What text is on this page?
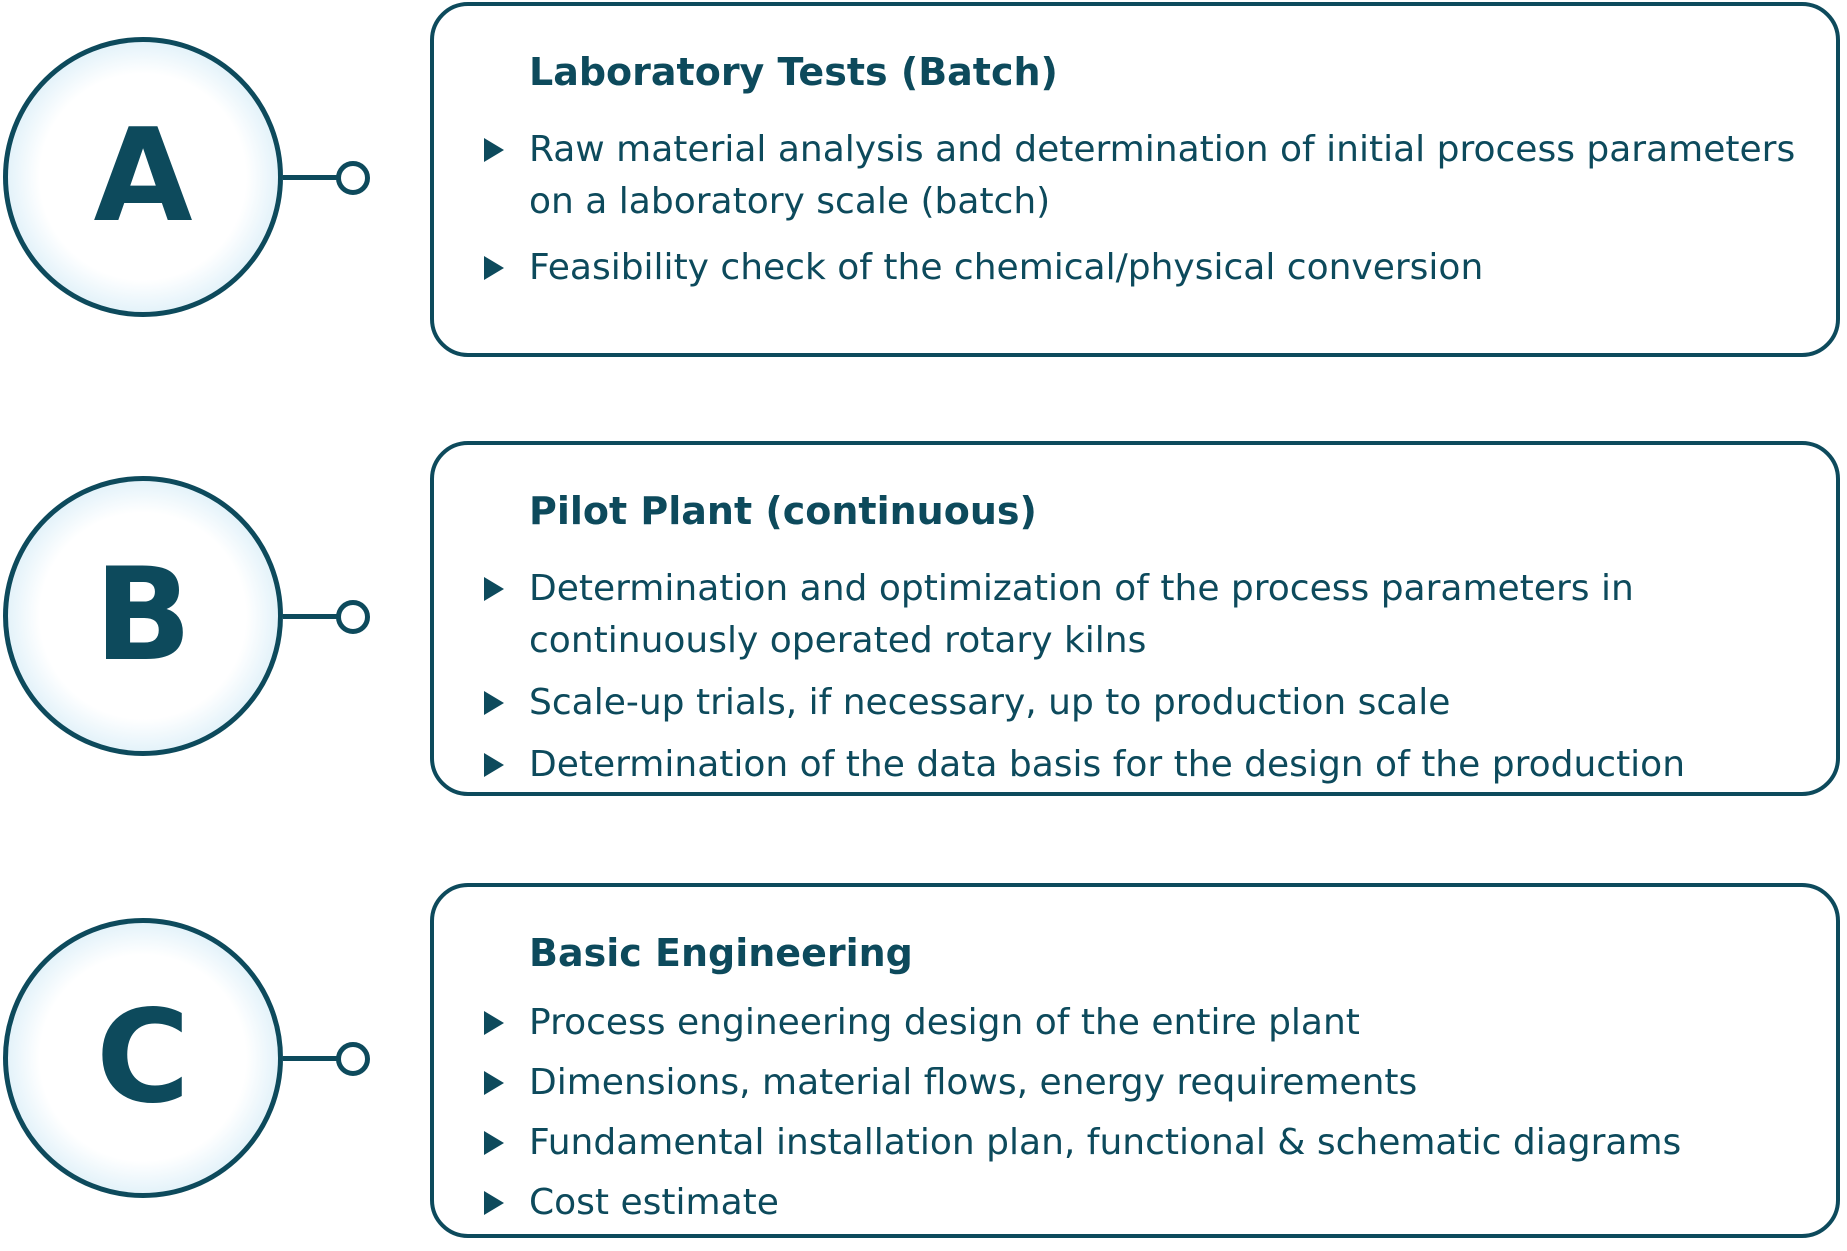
A
Laboratory Tests (Batch)
Raw material analysis and determination of initial process parameters on a laboratory scale (batch)
Feasibility check of the chemical/physical conversion
B
Pilot Plant (continuous)
Determination and optimization of the process parameters in continuously operated rotary kilns
Scale-up trials, if necessary, up to production scale
Determination of the data basis for the design of the production
C
Basic Engineering
Process engineering design of the entire plant
Dimensions, material flows, energy requirements
Fundamental installation plan, functional & schematic diagrams
Cost estimate
